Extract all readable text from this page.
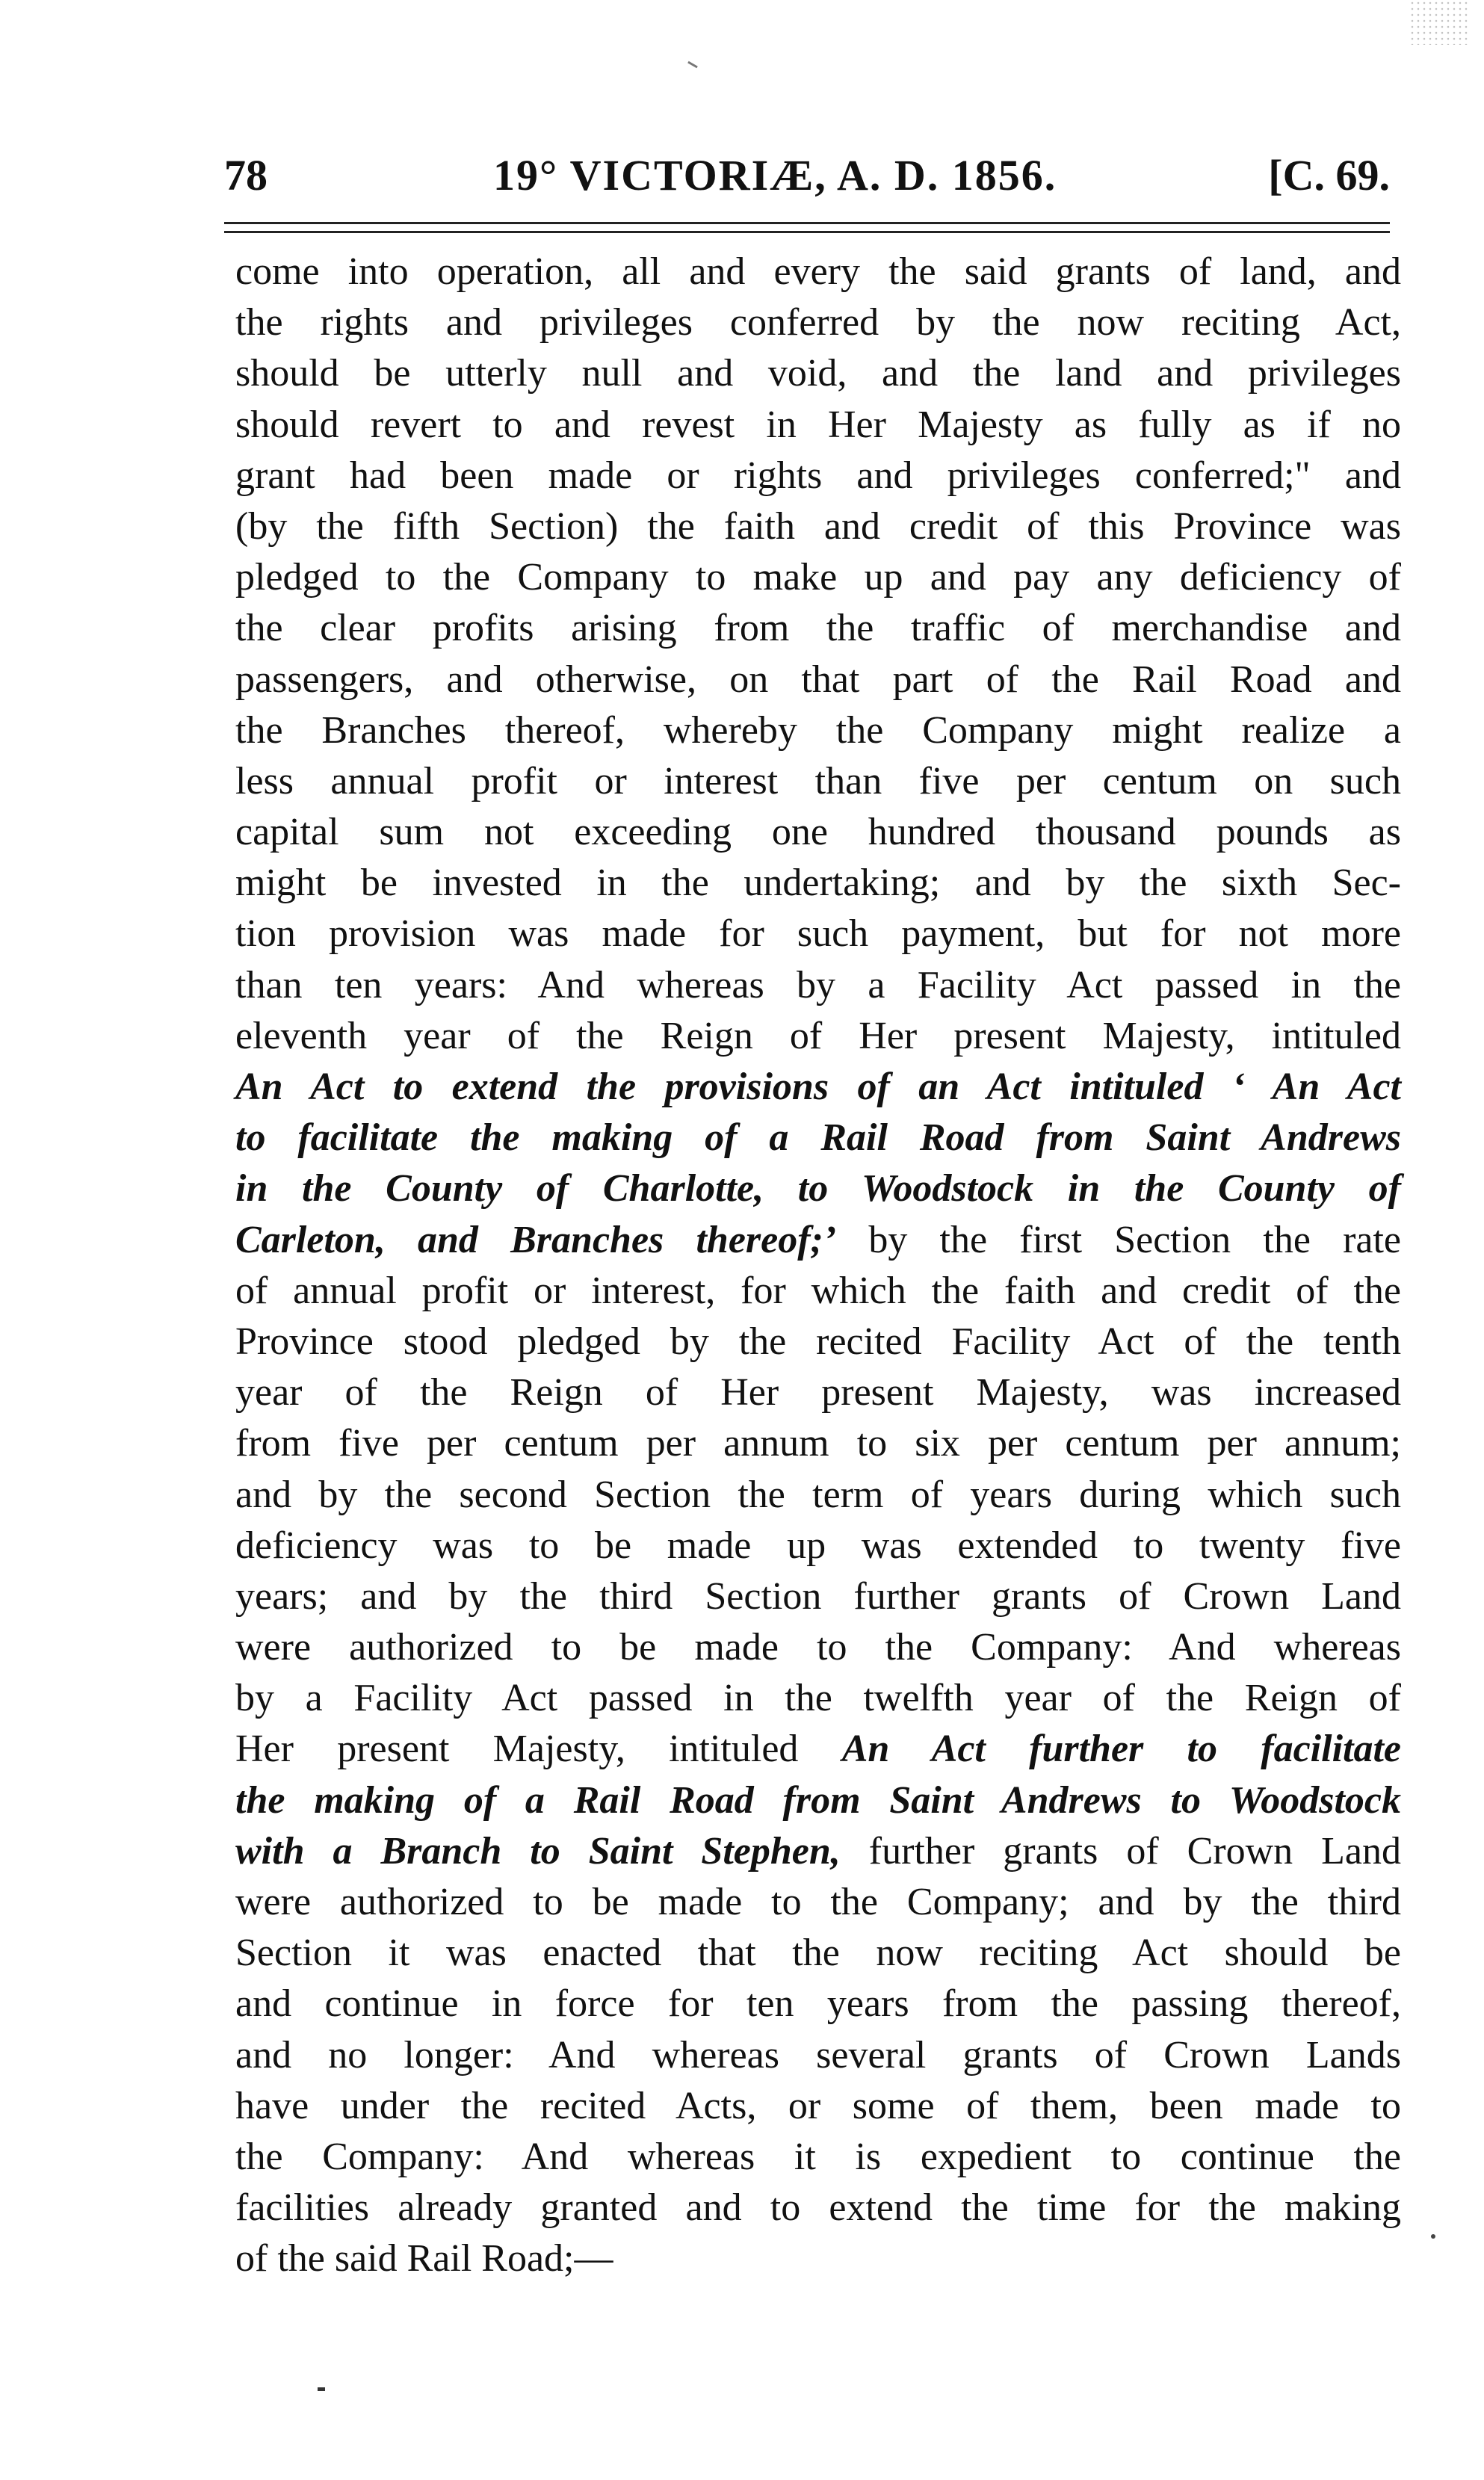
78	19° VICTORIÆ, A. D. 1856.	[C. 69.
come into operation, all and every the said grants of land, and
the rights and privileges conferred by the now reciting Act,
should be utterly null and void, and the land and privileges
should revert to and revest in Her Majesty as fully as if no
grant had been made or rights and privileges conferred;" and
(by the fifth Section) the faith and credit of this Province was
pledged to the Company to make up and pay any deficiency of
the clear profits arising from the traffic of merchandise and
passengers, and otherwise, on that part of the Rail Road and
the Branches thereof, whereby the Company might realize a
less annual profit or interest than five per centum on such
capital sum not exceeding one hundred thousand pounds as
might be invested in the undertaking; and by the sixth Sec-
tion provision was made for such payment, but for not more
than ten years: And whereas by a Facility Act passed in the
eleventh year of the Reign of Her present Majesty, intituled
An Act to extend the provisions of an Act intituled ‘ An Act
to facilitate the making of a Rail Road from Saint Andrews
in the County of Charlotte, to Woodstock in the County of
Carleton, and Branches thereof;’ by the first Section the rate
of annual profit or interest, for which the faith and credit of the
Province stood pledged by the recited Facility Act of the tenth
year of the Reign of Her present Majesty, was increased
from five per centum per annum to six per centum per annum;
and by the second Section the term of years during which such
deficiency was to be made up was extended to twenty five
years; and by the third Section further grants of Crown Land
were authorized to be made to the Company: And whereas
by a Facility Act passed in the twelfth year of the Reign of
Her present Majesty, intituled An Act further to facilitate
the making of a Rail Road from Saint Andrews to Woodstock
with a Branch to Saint Stephen, further grants of Crown Land
were authorized to be made to the Company; and by the third
Section it was enacted that the now reciting Act should be
and continue in force for ten years from the passing thereof,
and no longer: And whereas several grants of Crown Lands
have under the recited Acts, or some of them, been made to
the Company: And whereas it is expedient to continue the
facilities already granted and to extend the time for the making
of the said Rail Road;—
